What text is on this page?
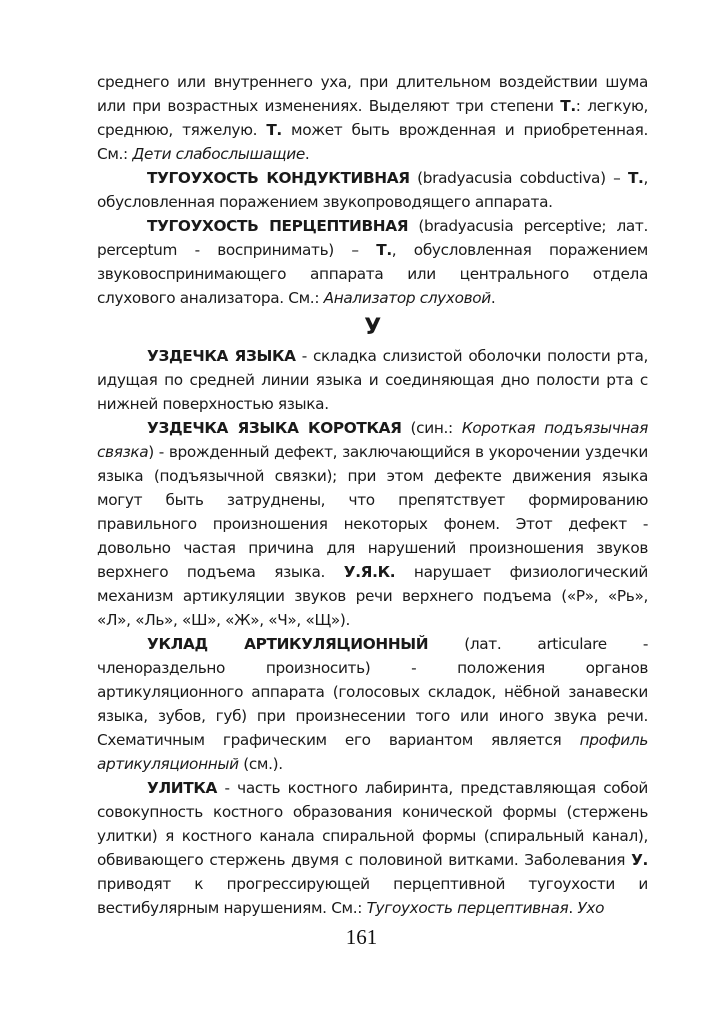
среднего или внутреннего уха, при длительном воздействии шума или при возрастных изменениях. Выделяют три степени Т.: легкую, среднюю, тяжелую. Т. может быть врожденная и приобретенная. См.: Дети слабослышащие.

ТУГОУХОСТЬ КОНДУКТИВНАЯ (bradyacusia cobductiva) – Т., обусловленная поражением звукопроводящего аппарата.

ТУГОУХОСТЬ ПЕРЦЕПТИВНАЯ (bradyacusia perceptive; лат. perceptum - воспринимать) – Т., обусловленная поражением звуковоспринимающего аппарата или центрального отдела слухового анализатора. См.: Анализатор слуховой.

У

УЗДЕЧКА ЯЗЫКА - складка слизистой оболочки полости рта, идущая по средней линии языка и соединяющая дно полости рта с нижней поверхностью языка.

УЗДЕЧКА ЯЗЫКА КОРОТКАЯ (син.: Короткая подъязычная связка) - врожденный дефект, заключающийся в укорочении уздечки языка (подъязычной связки); при этом дефекте движения языка могут быть затруднены, что препятствует формированию правильного произношения некоторых фонем. Этот дефект - довольно частая причина для нарушений произношения звуков верхнего подъема языка. У.Я.К. нарушает физиологический механизм артикуляции звуков речи верхнего подъема («Р», «Рь», «Л», «Ль», «Ш», «Ж», «Ч», «Щ»).

УКЛАД АРТИКУЛЯЦИОННЫЙ (лат. articulare - членораздельно произносить) - положения органов артикуляционного аппарата (голосовых складок, нёбной занавески языка, зубов, губ) при произнесении того или иного звука речи. Схематичным графическим его вариантом является профиль артикуляционный (см.).

УЛИТКА - часть костного лабиринта, представляющая собой совокупность костного образования конической формы (стержень улитки) я костного канала спиральной формы (спиральный канал), обвивающего стержень двумя с половиной витками. Заболевания У. приводят к прогрессирующей перцептивной тугоухости и вестибулярным нарушениям. См.: Тугоухость перцептивная. Ухо

161
